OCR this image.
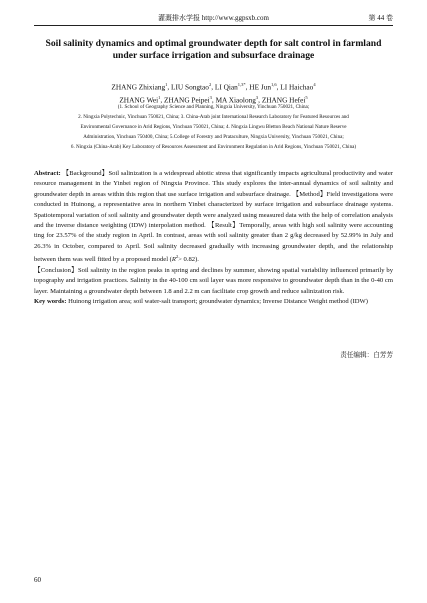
灌溉排水学报 http://www.ggpsxb.com	第 44 卷
Soil salinity dynamics and optimal groundwater depth for salt control in farmland
under surface irrigation and subsurface drainage
ZHANG Zhixiang$^1$, LIU Songtao$^2$, LI Qian$^{1,3*}$, HE Jun$^{1,6}$, LI Haichao$^4$
ZHANG Wei$^1$, ZHANG Peipei$^3$, MA Xiaolong$^3$, ZHANG Hefei$^5$
(1. School of Geography Science and Planning, Ningxia University, Yinchuan 750021, China;
2. Ningxia Polytechnic, Yinchuan 750021, China; 3. China-Arab joint International Research Laboratory for Featured Resources and
Environmental Governance in Arid Regions, Yinchuan 750021, China; 4. Ningxia Lingwu Bletton Beach National Nature Reserve
Administration, Yinchuan 750400, China; 5.College of Forestry and Prataculture, Ningxia University, Yinchuan 750021, China;
6. Ningxia (China-Arab) Key Laboratory of Resources Assessment and Environment Regulation in Arid Regions, Yinchuan 750021, China)
Abstract: 【Background】Soil salinization is a widespread abiotic stress that significantly impacts agricultural productivity and water resource management in the Yinbei region of Ningxia Province. This study explores the inter-annual dynamics of soil salinity and groundwater depth in areas within this region that use surface irrigation and subsurface drainage. 【Method】Field investigations were conducted in Huinong, a representative area in northern Yinbei characterized by surface irrigation and subsurface drainage systems. Spatiotemporal variation of soil salinity and groundwater depth were analyzed using measured data with the help of correlation analysis and the inverse distance weighting (IDW) interpolation method. 【Result】Temporally, areas with high soil salinity were accounting ting for 23.57% of the study region in April. In contrast, areas with soil salinity greater than 2 g/kg decreased by 52.99% in July and 26.3% in October, compared to April. Soil salinity decreased gradually with increasing groundwater depth, and the relationship between them was well fitted by a proposed model $(R^2> 0.82)$.
【Conclusion】Soil salinity in the region peaks in spring and declines by summer, showing spatial variability influenced primarily by topography and irrigation practices. Salinity in the 40-100 cm soil layer was more responsive to groundwater depth than in the 0-40 cm layer. Maintaining a groundwater depth between 1.8 and 2.2 m can facilitate crop growth and reduce salinization risk.
Key words: Huinong irrigation area; soil water-salt transport; groundwater dynamics; Inverse Distance Weight method (IDW)
责任编辑：白芳芳
60
